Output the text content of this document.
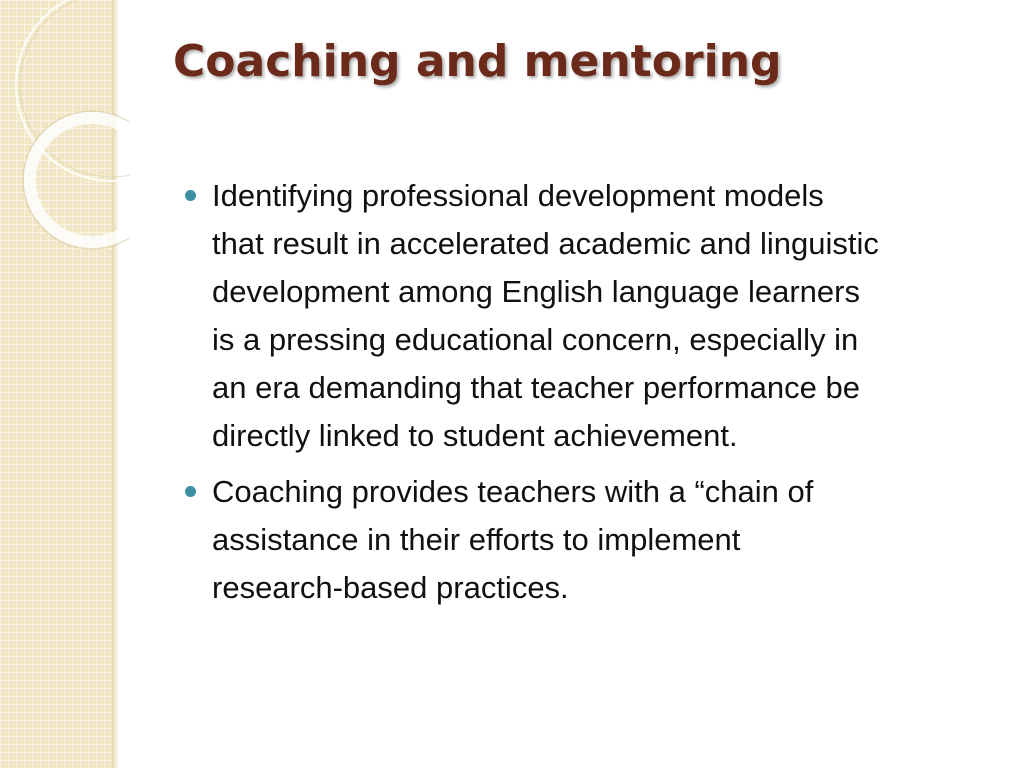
Coaching and mentoring
Identifying professional development models
that result in accelerated academic and linguistic
development among English language learners
is a pressing educational concern, especially in
an era demanding that teacher performance be
directly linked to student achievement.
Coaching provides teachers with a “chain of
assistance in their efforts to implement
research-based practices.
